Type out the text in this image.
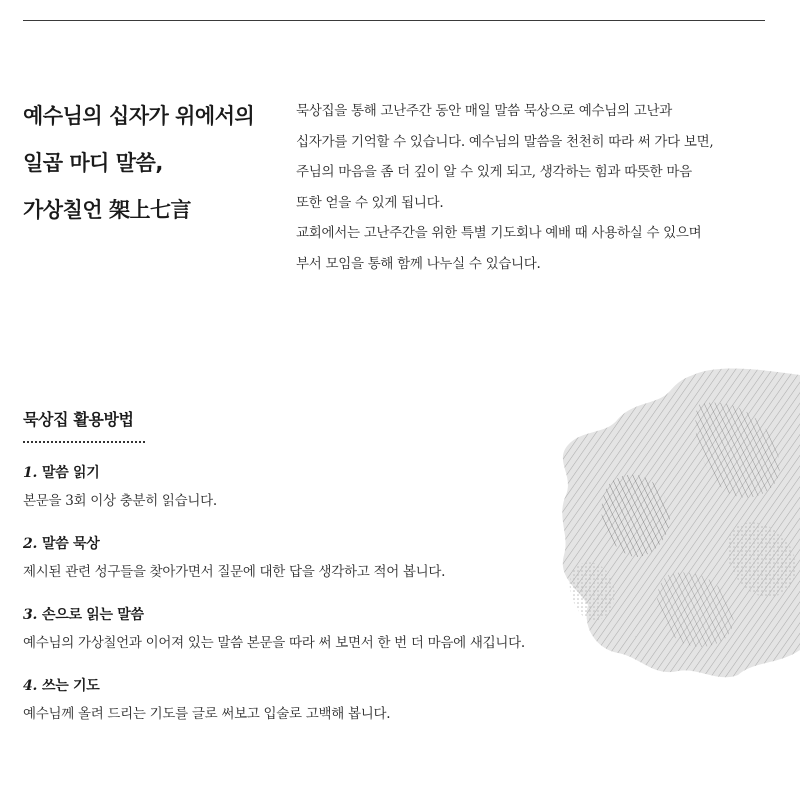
예수님의 십자가 위에서의
일곱 마디 말씀,
가상칠언 架上七言
묵상집을 통해 고난주간 동안 매일 말씀 묵상으로 예수님의 고난과
십자가를 기억할 수 있습니다. 예수님의 말씀을 천천히 따라 써 가다 보면,
주님의 마음을 좀 더 깊이 알 수 있게 되고, 생각하는 힘과 따뜻한 마음
또한 얻을 수 있게 됩니다.
교회에서는 고난주간을 위한 특별 기도회나 예배 때 사용하실 수 있으며
부서 모임을 통해 함께 나누실 수 있습니다.
묵상집 활용방법
1. 말씀 읽기
본문을 3회 이상 충분히 읽습니다.
2. 말씀 묵상
제시된 관련 성구들을 찾아가면서 질문에 대한 답을 생각하고 적어 봅니다.
3. 손으로 읽는 말씀
예수님의 가상칠언과 이어져 있는 말씀 본문을 따라 써 보면서 한 번 더 마음에 새깁니다.
4. 쓰는 기도
예수님께 올려 드리는 기도를 글로 써보고 입술로 고백해 봅니다.
